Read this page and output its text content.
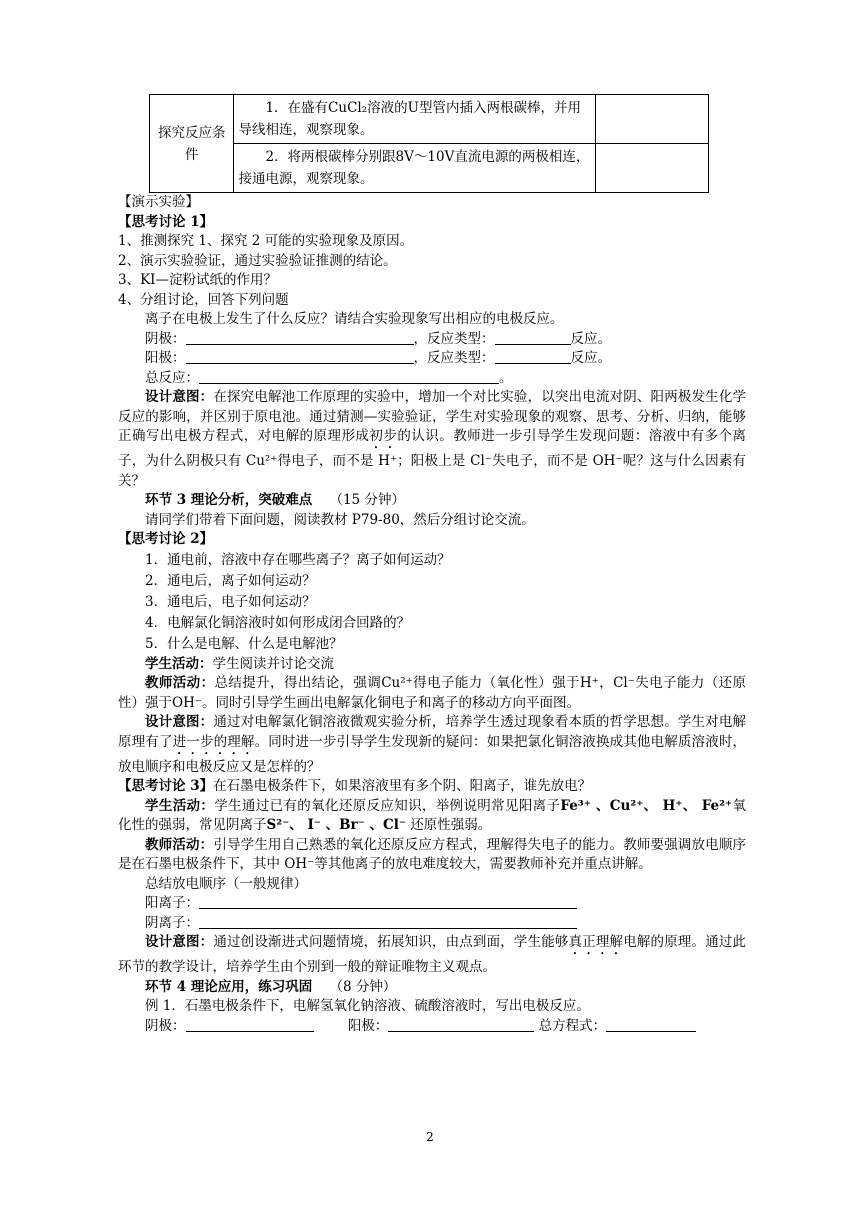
探究反应条件	1．在盛有CuCl₂溶液的U型管内插入两根碳棒，并用导线相连，观察现象。	
	2．将两根碳棒分别跟8V～10V直流电源的两极相连，接通电源，观察现象。	
【演示实验】
【思考讨论 1】
1、推测探究 1、探究 2 可能的实验现象及原因。
2、演示实验验证，通过实验验证推测的结论。
3、KI—淀粉试纸的作用？
4、分组讨论，回答下列问题
离子在电极上发生了什么反应？请结合实验现象写出相应的电极反应。
阴极：	，反应类型：	反应。
阳极：	，反应类型：	反应。
总反应：	。
设计意图：在探究电解池工作原理的实验中，增加一个对比实验，以突出电流对阴、阳两极发生化学反应的影响，并区别于原电池。通过猜测—实验验证，学生对实验现象的观察、思考、分析、归纳，能够正确写出电极方程式，对电解的原理形成初步的认识。教师进一步引导学生发现问题：溶液中有多个离子，为什么阴极只有 Cu²⁺得电子，而不是 H⁺；阳极上是 Cl⁻失电子，而不是 OH⁻呢？这与什么因素有关？
环节 3 理论分析，突破难点 （15 分钟）
请同学们带着下面问题，阅读教材 P79-80，然后分组讨论交流。
【思考讨论 2】
1．通电前，溶液中存在哪些离子？离子如何运动？
2．通电后，离子如何运动？
3．通电后，电子如何运动？
4．电解氯化铜溶液时如何形成闭合回路的？
5．什么是电解、什么是电解池？
学生活动：学生阅读并讨论交流
教师活动：总结提升，得出结论，强调Cu²⁺得电子能力（氧化性）强于H⁺，Cl⁻失电子能力（还原性）强于OH⁻。同时引导学生画出电解氯化铜电子和离子的移动方向平面图。
设计意图：通过对电解氯化铜溶液微观实验分析，培养学生透过现象看本质的哲学思想。学生对电解原理有了进一步的理解。同时进一步引导学生发现新的疑问：如果把氯化铜溶液换成其他电解质溶液时，放电顺序和电极反应又是怎样的？
【思考讨论 3】在石墨电极条件下，如果溶液里有多个阴、阳离子，谁先放电？
学生活动：学生通过已有的氧化还原反应知识，举例说明常见阳离子Fe³⁺ 、Cu²⁺、 H⁺、 Fe²⁺氧化性的强弱，常见阴离子S²⁻、 I⁻ 、Br⁻ 、Cl⁻ 还原性强弱。
教师活动：引导学生用自己熟悉的氧化还原反应方程式，理解得失电子的能力。教师要强调放电顺序是在石墨电极条件下，其中 OH⁻等其他离子的放电难度较大，需要教师补充并重点讲解。
总结放电顺序（一般规律）
阳离子：
阴离子：
设计意图：通过创设渐进式问题情境，拓展知识，由点到面，学生能够真正理解电解的原理。通过此环节的教学设计，培养学生由个别到一般的辩证唯物主义观点。
环节 4 理论应用，练习巩固 （8 分钟）
例 1．石墨电极条件下，电解氢氧化钠溶液、硫酸溶液时，写出电极反应。
阴极：	阳极：	总方程式：
2
